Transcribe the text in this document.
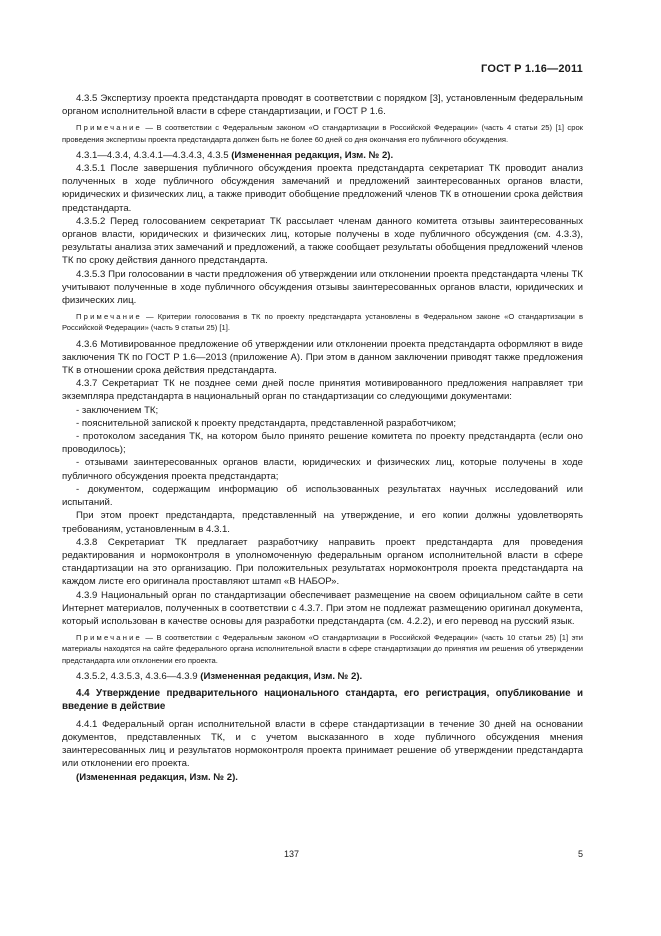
ГОСТ Р 1.16—2011

4.3.5 Экспертизу проекта предстандарта проводят в соответствии с порядком [3], установленным федеральным органом исполнительной власти в сфере стандартизации, и ГОСТ Р 1.6.

Примечание — В соответствии с Федеральным законом «О стандартизации в Российской Федерации» (часть 4 статьи 25) [1] срок проведения экспертизы проекта предстандарта должен быть не более 60 дней со дня окончания его публичного обсуждения.

4.3.1—4.3.4, 4.3.4.1—4.3.4.3, 4.3.5 (Измененная редакция, Изм. № 2).

4.3.5.1 После завершения публичного обсуждения проекта предстандарта секретариат ТК проводит анализ полученных в ходе публичного обсуждения замечаний и предложений заинтересованных органов власти, юридических и физических лиц, а также приводит обобщение предложений членов ТК в отношении срока действия предстандарта.

4.3.5.2 Перед голосованием секретариат ТК рассылает членам данного комитета отзывы заинтересованных органов власти, юридических и физических лиц, которые получены в ходе публичного обсуждения (см. 4.3.3), результаты анализа этих замечаний и предложений, а также сообщает результаты обобщения предложений членов ТК по сроку действия данного предстандарта.

4.3.5.3 При голосовании в части предложения об утверждении или отклонении проекта предстандарта члены ТК учитывают полученные в ходе публичного обсуждения отзывы заинтересованных органов власти, юридических и физических лиц.

Примечание — Критерии голосования в ТК по проекту предстандарта установлены в Федеральном законе «О стандартизации в Российской Федерации» (часть 9 статьи 25) [1].

4.3.6 Мотивированное предложение об утверждении или отклонении проекта предстандарта оформляют в виде заключения ТК по ГОСТ Р 1.6—2013 (приложение А). При этом в данном заключении приводят также предложения ТК в отношении срока действия предстандарта.

4.3.7 Секретариат ТК не позднее семи дней после принятия мотивированного предложения направляет три экземпляра предстандарта в национальный орган по стандартизации со следующими документами:

- заключением ТК;

- пояснительной запиской к проекту предстандарта, представленной разработчиком;

- протоколом заседания ТК, на котором было принято решение комитета по проекту предстандарта (если оно проводилось);

- отзывами заинтересованных органов власти, юридических и физических лиц, которые получены в ходе публичного обсуждения проекта предстандарта;

- документом, содержащим информацию об использованных результатах научных исследований или испытаний.

При этом проект предстандарта, представленный на утверждение, и его копии должны удовлетворять требованиям, установленным в 4.3.1.

4.3.8 Секретариат ТК предлагает разработчику направить проект предстандарта для проведения редактирования и нормоконтроля в уполномоченную федеральным органом исполнительной власти в сфере стандартизации на это организацию. При положительных результатах нормоконтроля проекта предстандарта на каждом листе его оригинала проставляют штамп «В НАБОР».

4.3.9 Национальный орган по стандартизации обеспечивает размещение на своем официальном сайте в сети Интернет материалов, полученных в соответствии с 4.3.7. При этом не подлежат размещению оригинал документа, который использован в качестве основы для разработки предстандарта (см. 4.2.2), и его перевод на русский язык.

Примечание — В соответствии с Федеральным законом «О стандартизации в Российской Федерации» (часть 10 статьи 25) [1] эти материалы находятся на сайте федерального органа исполнительной власти в сфере стандартизации до принятия им решения об утверждении предстандарта или отклонении его проекта.

4.3.5.2, 4.3.5.3, 4.3.6—4.3.9 (Измененная редакция, Изм. № 2).

4.4 Утверждение предварительного национального стандарта, его регистрация, опубликование и введение в действие

4.4.1 Федеральный орган исполнительной власти в сфере стандартизации в течение 30 дней на основании документов, представленных ТК, и с учетом высказанного в ходе публичного обсуждения мнения заинтересованных лиц и результатов нормоконтроля проекта принимает решение об утверждении предстандарта или отклонении его проекта.

(Измененная редакция, Изм. № 2).

137	5
